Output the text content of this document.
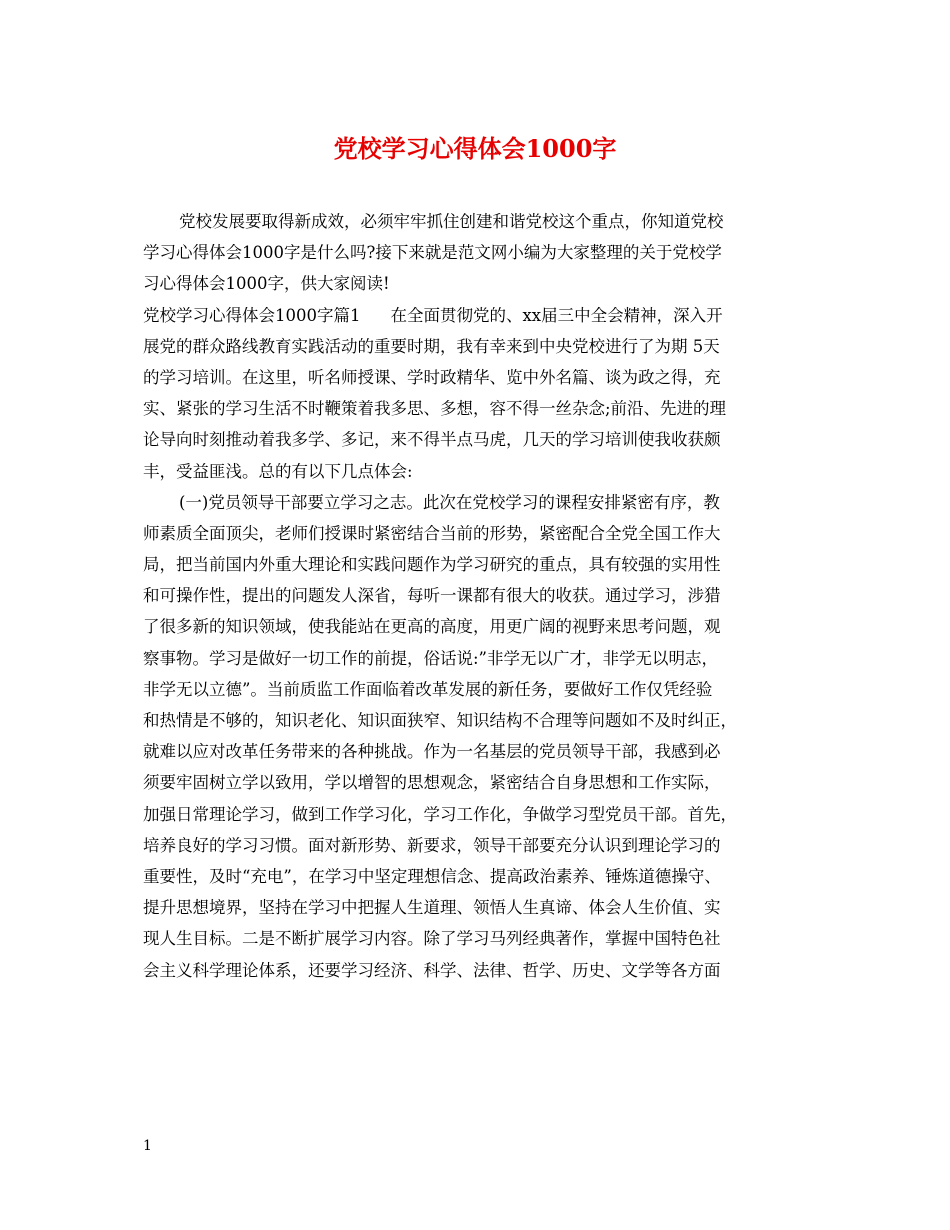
党校学习心得体会1000字
党校发展要取得新成效，必须牢牢抓住创建和谐党校这个重点，你知道党校
学习心得体会1000字是什么吗?接下来就是范文网小编为大家整理的关于党校学
习心得体会1000字，供大家阅读!
党校学习心得体会1000字篇1 在全面贯彻党的、xx届三中全会精神，深入开
展党的群众路线教育实践活动的重要时期，我有幸来到中央党校进行了为期 5天
的学习培训。在这里，听名师授课、学时政精华、览中外名篇、谈为政之得，充
实、紧张的学习生活不时鞭策着我多思、多想，容不得一丝杂念;前沿、先进的理
论导向时刻推动着我多学、多记，来不得半点马虎，几天的学习培训使我收获颇
丰，受益匪浅。总的有以下几点体会:
(一)党员领导干部要立学习之志。此次在党校学习的课程安排紧密有序，教
师素质全面顶尖，老师们授课时紧密结合当前的形势，紧密配合全党全国工作大
局，把当前国内外重大理论和实践问题作为学习研究的重点，具有较强的实用性
和可操作性，提出的问题发人深省，每听一课都有很大的收获。通过学习，涉猎
了很多新的知识领域，使我能站在更高的高度，用更广阔的视野来思考问题，观
察事物。学习是做好一切工作的前提，俗话说:”非学无以广才，非学无以明志，
非学无以立德”。当前质监工作面临着改革发展的新任务，要做好工作仅凭经验
和热情是不够的，知识老化、知识面狭窄、知识结构不合理等问题如不及时纠正，
就难以应对改革任务带来的各种挑战。作为一名基层的党员领导干部，我感到必
须要牢固树立学以致用，学以增智的思想观念，紧密结合自身思想和工作实际，
加强日常理论学习，做到工作学习化，学习工作化，争做学习型党员干部。首先，
培养良好的学习习惯。面对新形势、新要求，领导干部要充分认识到理论学习的
重要性，及时“充电”，在学习中坚定理想信念、提高政治素养、锤炼道德操守、
提升思想境界，坚持在学习中把握人生道理、领悟人生真谛、体会人生价值、实
现人生目标。二是不断扩展学习内容。除了学习马列经典著作，掌握中国特色社
会主义科学理论体系，还要学习经济、科学、法律、哲学、历史、文学等各方面
1
